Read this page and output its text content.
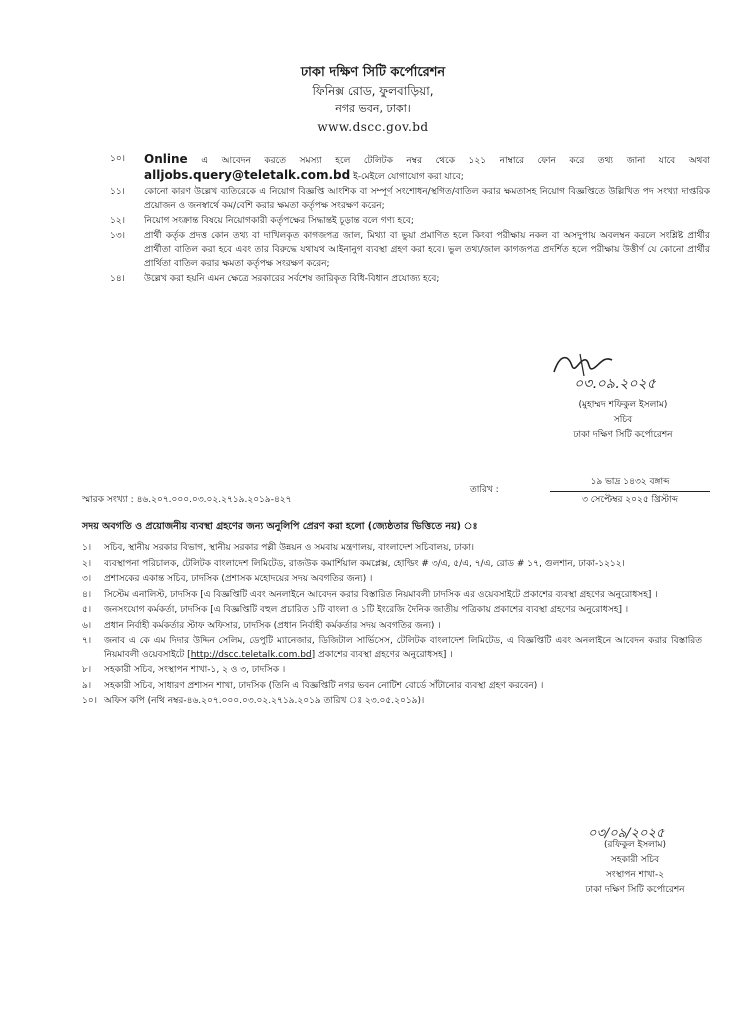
ঢাকা দক্ষিণ সিটি কর্পোরেশন
ফিনিক্স রোড, ফুলবাড়িয়া,
নগর ভবন, ঢাকা।
www.dscc.gov.bd
১০। Online এ আবেদন করতে সমস্যা হলে টেলিটক নম্বর থেকে ১২১ নাম্বারে ফোন করে তথ্য জানা যাবে অথবা alljobs.query@teletalk.com.bd ই-মেইলে যোগাযোগ করা যাবে;
১১। কোনো কারণ উল্লেখ ব্যতিরেকে এ নিয়োগ বিজ্ঞপ্তি আংশিক বা সম্পূর্ণ সংশোধন/স্থগিত/বাতিল করার ক্ষমতাসহ নিয়োগ বিজ্ঞপ্তিতে উল্লিখিত পদ সংখ্যা দাপ্তরিক প্রয়োজন ও জনস্বার্থে কম/বেশি করার ক্ষমতা কর্তৃপক্ষ সংরক্ষণ করেন;
১২। নিয়োগ সংক্রান্ত বিষয়ে নিয়োগকারী কর্তৃপক্ষের সিদ্ধান্তই চূড়ান্ত বলে গণ্য হবে;
১৩। প্রার্থী কর্তৃক প্রদত্ত কোন তথ্য বা দাখিলকৃত কাগজপত্র জাল, মিথ্যা বা ভুয়া প্রমাণিত হলে কিংবা পরীক্ষায় নকল বা অসদুপায় অবলম্বন করলে সংশ্লিষ্ট প্রার্থীর প্রার্থীতা বাতিল করা হবে এবং তার বিরুদ্ধে যথাযথ আইনানুগ ব্যবস্থা গ্রহণ করা হবে। ভুল তথ্য/জাল কাগজপত্র প্রদর্শিত হলে পরীক্ষায় উত্তীর্ণ যে কোনো প্রার্থীর প্রার্থিতা বাতিল করার ক্ষমতা কর্তৃপক্ষ সংরক্ষণ করেন;
১৪। উল্লেখ করা হয়নি এমন ক্ষেত্রে সরকারের সর্বশেষ জারিকৃত বিধি-বিধান প্রযোজ্য হবে;
০৩.০৯.২০২৫
(মুহাম্মদ শফিকুল ইসলাম)
সচিব
ঢাকা দক্ষিণ সিটি কর্পোরেশন
তারিখ :
১৯ ভাদ্র ১৪৩২ বঙ্গাব্দ
৩ সেপ্টেম্বর ২০২৫ খ্রিস্টাব্দ
স্মারক সংখ্যা : ৪৬.২০৭.০০০.০৩.০২.২৭১৯.২০১৯-৪২৭
সদয় অবগতি ও প্রয়োজনীয় ব্যবস্থা গ্রহণের জন্য অনুলিপি প্রেরণ করা হলো (জ্যেষ্ঠতার ভিত্তিতে নয়) ঃ
১। সচিব, স্থানীয় সরকার বিভাগ, স্থানীয় সরকার পল্লী উন্নয়ন ও সমবায় মন্ত্রণালয়, বাংলাদেশ সচিবালয়, ঢাকা।
২। ব্যবস্থাপনা পরিচালক, টেলিটক বাংলাদেশ লিমিটেড, রাজউক কমার্শিয়াল কমপ্লেক্স, হোল্ডিং # ৩/এ, ৫/এ, ৭/এ, রোড # ১৭, গুলশান, ঢাকা-১২১২।
৩। প্রশাসকের একান্ত সচিব, ঢাদসিক (প্রশাসক মহোদয়ের সদয় অবগতির জন্য) ।
৪। সিস্টেম এনালিস্ট, ঢাদসিক [এ বিজ্ঞপ্তিটি এবং অনলাইনে আবেদন করার বিস্তারিত নিয়মাবলী ঢাদসিক এর ওয়েবসাইটে প্রকাশের ব্যবস্থা গ্রহণের অনুরোধসহ] ।
৫। জনসংযোগ কর্মকর্তা, ঢাদসিক [এ বিজ্ঞপ্তিটি বহুল প্রচারিত ১টি বাংলা ও ১টি ইংরেজি দৈনিক জাতীয় পত্রিকায় প্রকাশের ব্যবস্থা গ্রহণের অনুরোধসহ] ।
৬। প্রধান নির্বাহী কর্মকর্তার স্টাফ অফিসার, ঢাদসিক (প্রধান নির্বাহী কর্মকর্তার সদয় অবগতির জন্য) ।
৭। জনাব এ কে এম দিদার উদ্দিন সেলিম, ডেপুটি ম্যানেজার, ডিজিটাল সার্ভিসেস, টেলিটক বাংলাদেশ লিমিটেড, এ বিজ্ঞপ্তিটি এবং অনলাইনে আবেদন করার বিস্তারিত নিয়মাবলী ওয়েবসাইটে [http://dscc.teletalk.com.bd] প্রকাশের ব্যবস্থা গ্রহণের অনুরোধসহ] ।
৮। সহকারী সচিব, সংস্থাপন শাখা-১, ২ ও ৩, ঢাদসিক ।
৯। সহকারী সচিব, সাধারণ প্রশাসন শাখা, ঢাদসিক (তিনি এ বিজ্ঞপ্তিটি নগর ভবন নোটিশ বোর্ডে সাঁটানোর ব্যবস্থা গ্রহণ করবেন) ।
১০। অফিস কপি (নথি নম্বর-৪৬.২০৭.০০০.০৩.০২.২৭১৯.২০১৯ তারিখ ঃ ২৩.০৫.২০১৯)।
০৩/০৯/২০২৫
(রফিকুল ইসলাম)
সহকারী সচিব
সংস্থাপন শাখা-২
ঢাকা দক্ষিণ সিটি কর্পোরেশন
